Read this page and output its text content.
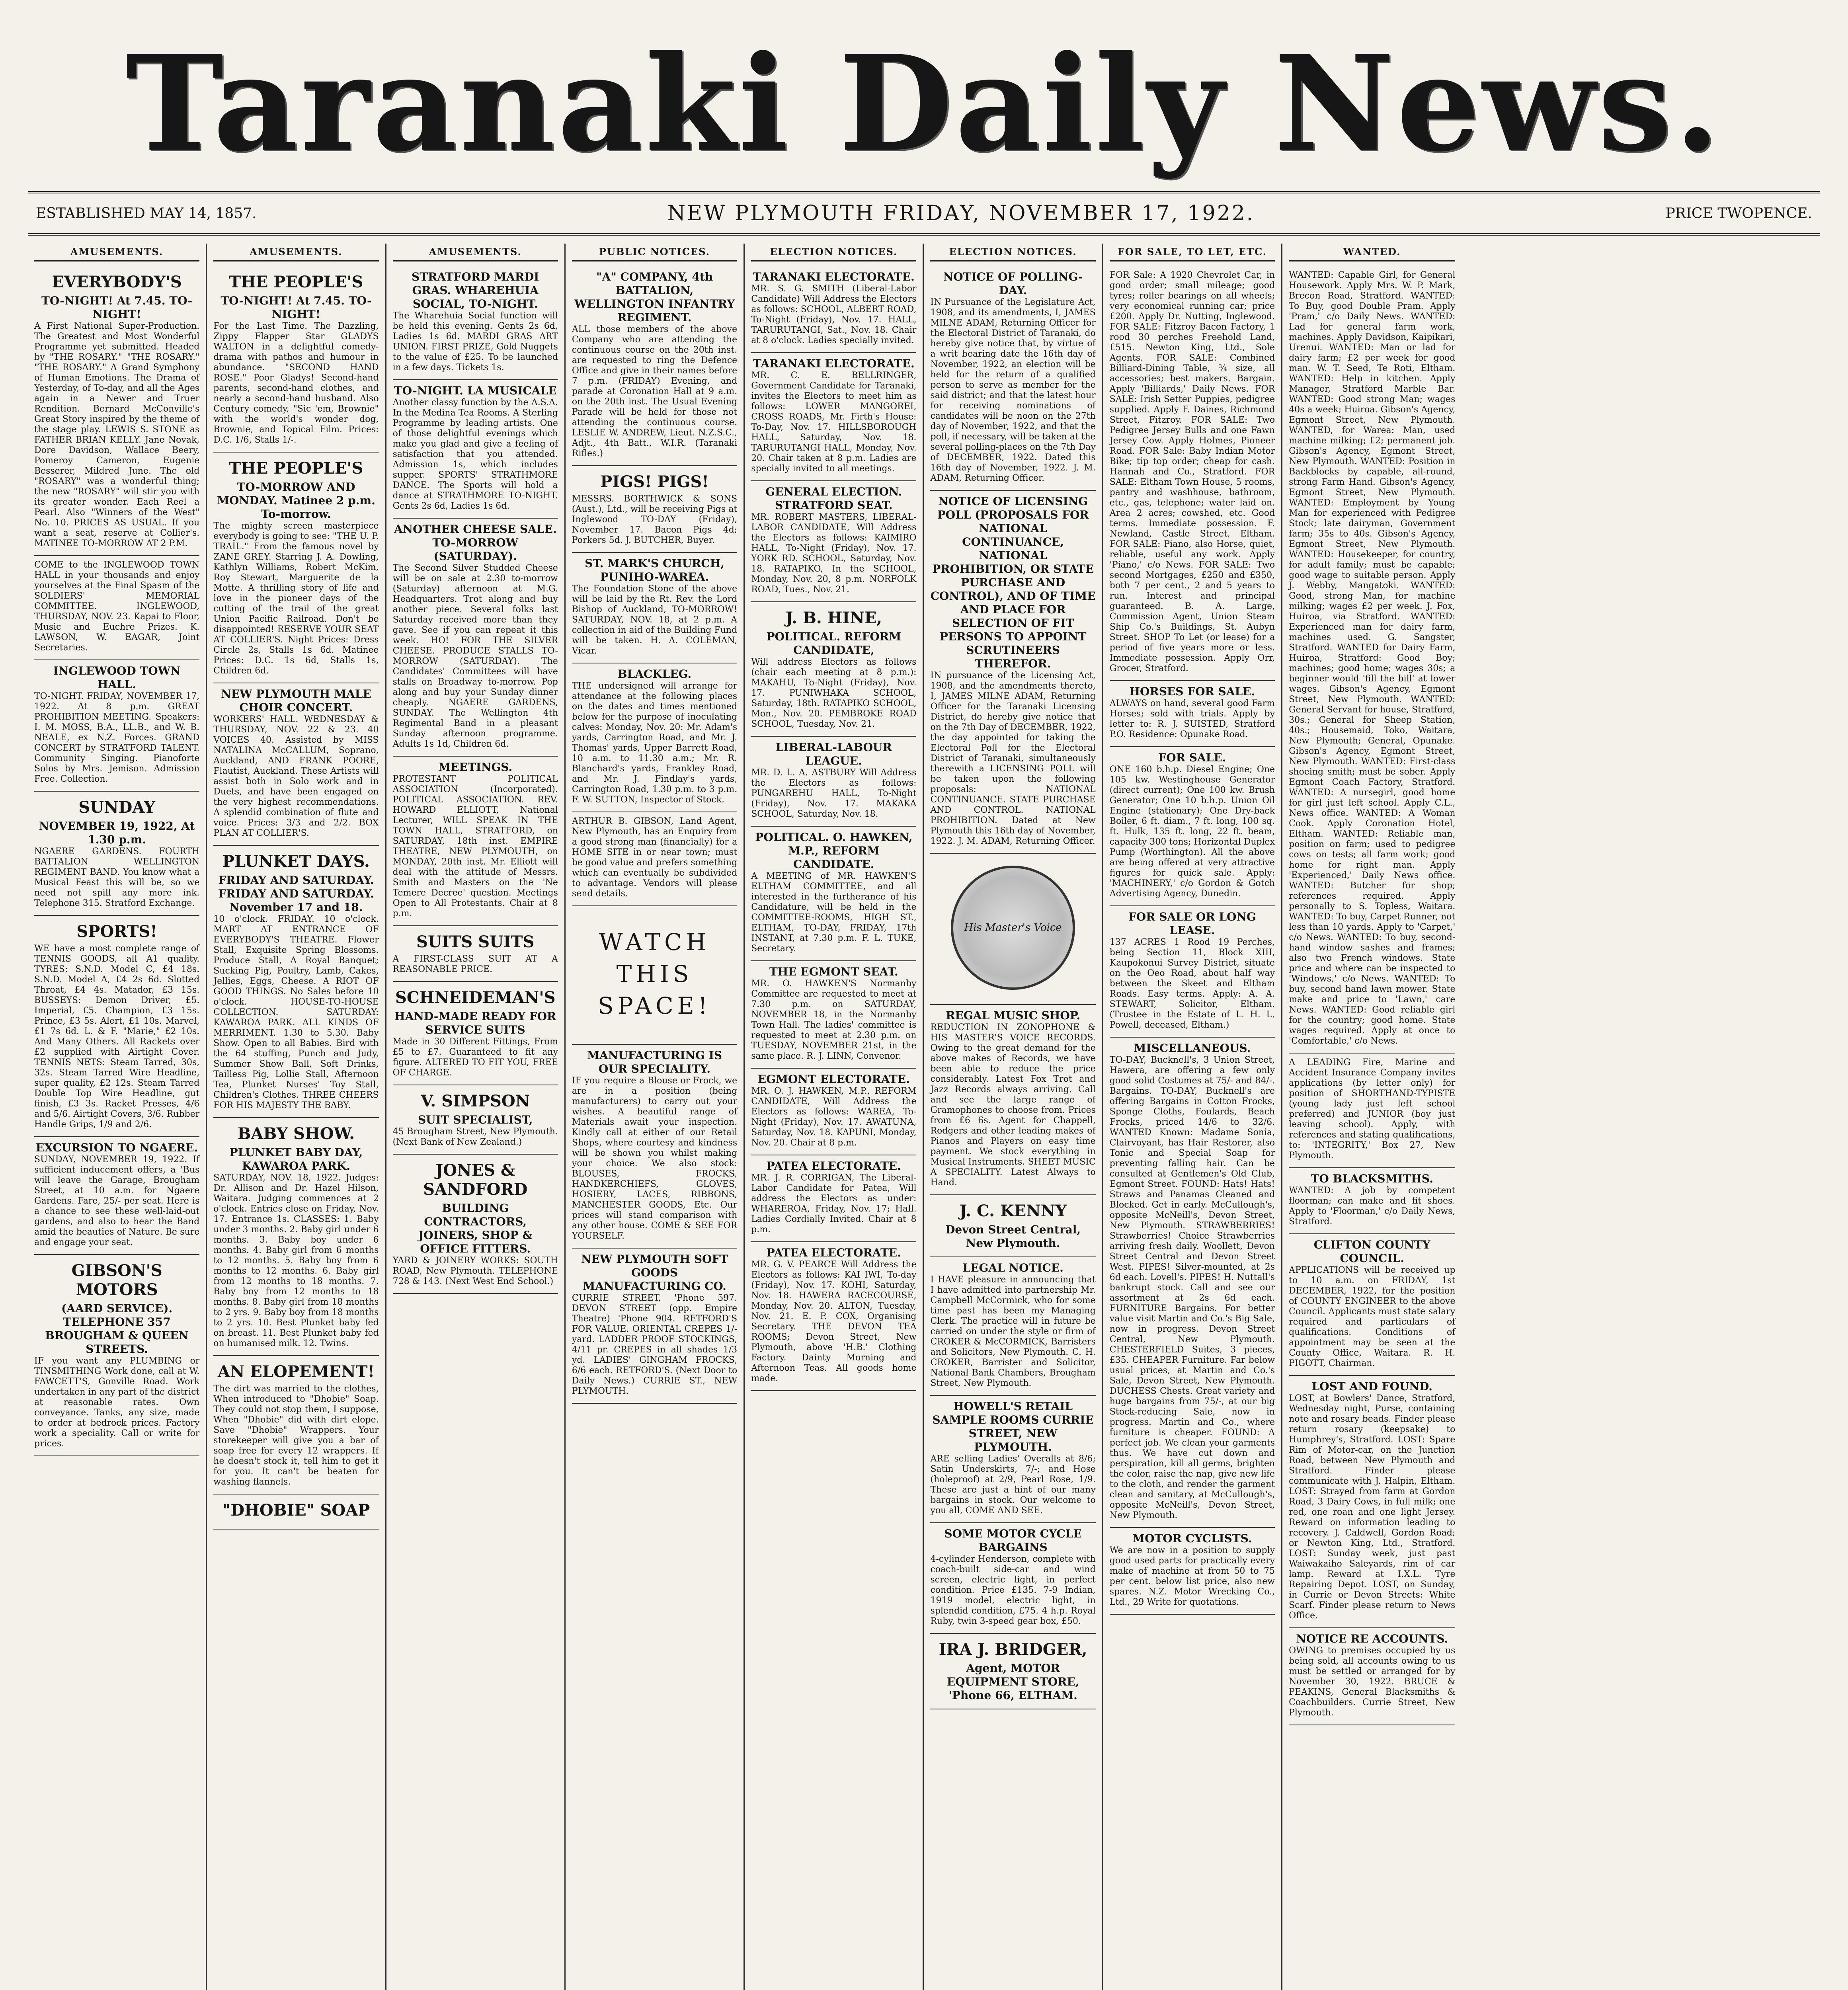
Taranaki Daily News.
ESTABLISHED MAY 14, 1857.	NEW PLYMOUTH FRIDAY, NOVEMBER 17, 1922.	PRICE TWOPENCE.
AMUSEMENTS.
EVERYBODY'S
TO-NIGHT! At 7.45. TO-NIGHT!
A First National Super-Production. The Greatest and Most Wonderful Programme yet submitted. Headed by "THE ROSARY." "THE ROSARY." "THE ROSARY." A Grand Symphony of Human Emotions. The Drama of Yesterday, of To-day, and all the Ages again in a Newer and Truer Rendition. Bernard McConville's Great Story inspired by the theme of the stage play. LEWIS S. STONE as FATHER BRIAN KELLY. Jane Novak, Dore Davidson, Wallace Beery, Pomeroy Cameron, Eugenie Besserer, Mildred June. The old "ROSARY" was a wonderful thing; the new "ROSARY" will stir you with its greater wonder. Each Reel a Pearl. Also "Winners of the West" No. 10. PRICES AS USUAL. If you want a seat, reserve at Collier's. MATINEE TO-MORROW AT 2 P.M.
COME to the INGLEWOOD TOWN HALL in your thousands and enjoy yourselves at the Final Spasm of the SOLDIERS' MEMORIAL COMMITTEE. INGLEWOOD, THURSDAY, NOV. 23. Kapai to Floor, Music and Euchre Prizes. K. LAWSON, W. EAGAR, Joint Secretaries.
INGLEWOOD TOWN HALL.
TO-NIGHT. FRIDAY, NOVEMBER 17, 1922. At 8 p.m. GREAT PROHIBITION MEETING. Speakers: I. M. MOSS, B.A., LL.B., and W. B. NEALE, ex N.Z. Forces. GRAND CONCERT by STRATFORD TALENT. Community Singing. Pianoforte Solos by Mrs. Jemison. Admission Free. Collection.
SUNDAY
NOVEMBER 19, 1922, At 1.30 p.m.
NGAERE GARDENS. FOURTH BATTALION WELLINGTON REGIMENT BAND. You know what a Musical Feast this will be, so we need not spill any more ink. Telephone 315. Stratford Exchange.
SPORTS!
WE have a most complete range of TENNIS GOODS, all A1 quality. TYRES: S.N.D. Model C, £4 18s. S.N.D. Model A, £4 2s 6d. Slotted Throat, £4 4s. Matador, £3 15s. BUSSEYS: Demon Driver, £5. Imperial, £5. Champion, £3 15s. Prince, £3 5s. Alert, £1 10s. Marvel, £1 7s 6d. L. & F. "Marie," £2 10s. And Many Others. All Rackets over £2 supplied with Airtight Cover. TENNIS NETS: Steam Tarred, 30s, 32s. Steam Tarred Wire Headline, super quality, £2 12s. Steam Tarred Double Top Wire Headline, gut finish, £3 3s. Racket Presses, 4/6 and 5/6. Airtight Covers, 3/6. Rubber Handle Grips, 1/9 and 2/6.
EXCURSION TO NGAERE.
SUNDAY, NOVEMBER 19, 1922. If sufficient inducement offers, a 'Bus will leave the Garage, Brougham Street, at 10 a.m. for Ngaere Gardens. Fare, 25/- per seat. Here is a chance to see these well-laid-out gardens, and also to hear the Band amid the beauties of Nature. Be sure and engage your seat.
GIBSON'S MOTORS
(AARD SERVICE). TELEPHONE 357 BROUGHAM & QUEEN STREETS.
IF you want any PLUMBING or TINSMITHING Work done, call at W. FAWCETT'S, Gonville Road. Work undertaken in any part of the district at reasonable rates. Own conveyance. Tanks, any size, made to order at bedrock prices. Factory work a speciality. Call or write for prices.
AMUSEMENTS.
THE PEOPLE'S
TO-NIGHT! At 7.45. TO-NIGHT!
For the Last Time. The Dazzling, Zippy Flapper Star GLADYS WALTON in a delightful comedy-drama with pathos and humour in abundance. "SECOND HAND ROSE." Poor Gladys! Second-hand parents, second-hand clothes, and nearly a second-hand husband. Also Century comedy, "Sic 'em, Brownie" with the world's wonder dog, Brownie, and Topical Film. Prices: D.C. 1/6, Stalls 1/-.
THE PEOPLE'S
TO-MORROW AND MONDAY. Matinee 2 p.m. To-morrow.
The mighty screen masterpiece everybody is going to see: "THE U. P. TRAIL." From the famous novel by ZANE GREY. Starring J. A. Dowling, Kathlyn Williams, Robert McKim, Roy Stewart, Marguerite de la Motte. A thrilling story of life and love in the pioneer days of the cutting of the trail of the great Union Pacific Railroad. Don't be disappointed! RESERVE YOUR SEAT AT COLLIER'S. Night Prices: Dress Circle 2s, Stalls 1s 6d. Matinee Prices: D.C. 1s 6d, Stalls 1s, Children 6d.
NEW PLYMOUTH MALE CHOIR CONCERT.
WORKERS' HALL. WEDNESDAY & THURSDAY, NOV. 22 & 23. 40 VOICES 40. Assisted by MISS NATALINA McCALLUM, Soprano, Auckland, AND FRANK POORE, Flautist, Auckland. These Artists will assist both in Solo work and in Duets, and have been engaged on the very highest recommendations. A splendid combination of flute and voice. Prices: 3/3 and 2/2. BOX PLAN AT COLLIER'S.
PLUNKET DAYS.
FRIDAY AND SATURDAY. FRIDAY AND SATURDAY. November 17 and 18.
10 o'clock. FRIDAY. 10 o'clock. MART AT ENTRANCE OF EVERYBODY'S THEATRE. Flower Stall, Exquisite Spring Blossoms. Produce Stall, A Royal Banquet; Sucking Pig, Poultry, Lamb, Cakes, Jellies, Eggs, Cheese. A RIOT OF GOOD THINGS. No Sales before 10 o'clock. HOUSE-TO-HOUSE COLLECTION. SATURDAY: KAWAROA PARK. ALL KINDS OF MERRIMENT. 1.30 to 5.30. Baby Show. Open to all Babies. Bird with the 64 stuffing, Punch and Judy, Summer Show Ball, Soft Drinks, Tailless Pig, Lollie Stall, Afternoon Tea, Plunket Nurses' Toy Stall, Children's Clothes. THREE CHEERS FOR HIS MAJESTY THE BABY.
BABY SHOW.
PLUNKET BABY DAY, KAWAROA PARK.
SATURDAY, NOV. 18, 1922. Judges: Dr. Allison and Dr. Hazel Hilson, Waitara. Judging commences at 2 o'clock. Entries close on Friday, Nov. 17. Entrance 1s. CLASSES: 1. Baby under 3 months. 2. Baby girl under 6 months. 3. Baby boy under 6 months. 4. Baby girl from 6 months to 12 months. 5. Baby boy from 6 months to 12 months. 6. Baby girl from 12 months to 18 months. 7. Baby boy from 12 months to 18 months. 8. Baby girl from 18 months to 2 yrs. 9. Baby boy from 18 months to 2 yrs. 10. Best Plunket baby fed on breast. 11. Best Plunket baby fed on humanised milk. 12. Twins.
AN ELOPEMENT!
The dirt was married to the clothes, When introduced to "Dhobie" Soap. They could not stop them, I suppose, When "Dhobie" did with dirt elope. Save "Dhobie" Wrappers. Your storekeeper will give you a bar of soap free for every 12 wrappers. If he doesn't stock it, tell him to get it for you. It can't be beaten for washing flannels.
"DHOBIE" SOAP
AMUSEMENTS.
STRATFORD MARDI GRAS. WHAREHUIA SOCIAL, TO-NIGHT.
The Wharehuia Social function will be held this evening. Gents 2s 6d, Ladies 1s 6d. MARDI GRAS ART UNION. FIRST PRIZE, Gold Nuggets to the value of £25. To be launched in a few days. Tickets 1s.
TO-NIGHT. LA MUSICALE
Another classy function by the A.S.A. In the Medina Tea Rooms. A Sterling Programme by leading artists. One of those delightful evenings which make you glad and give a feeling of satisfaction that you attended. Admission 1s, which includes supper. SPORTS' STRATHMORE DANCE. The Sports will hold a dance at STRATHMORE TO-NIGHT. Gents 2s 6d, Ladies 1s 6d.
ANOTHER CHEESE SALE. TO-MORROW (SATURDAY).
The Second Silver Studded Cheese will be on sale at 2.30 to-morrow (Saturday) afternoon at M.G. Headquarters. Trot along and buy another piece. Several folks last Saturday received more than they gave. See if you can repeat it this week. HO! FOR THE SILVER CHEESE. PRODUCE STALLS TO-MORROW (SATURDAY). The Candidates' Committees will have stalls on Broadway to-morrow. Pop along and buy your Sunday dinner cheaply. NGAERE GARDENS, SUNDAY. The Wellington 4th Regimental Band in a pleasant Sunday afternoon programme. Adults 1s 1d, Children 6d.
MEETINGS.
PROTESTANT POLITICAL ASSOCIATION (Incorporated). POLITICAL ASSOCIATION. REV. HOWARD ELLIOTT, National Lecturer, WILL SPEAK IN THE TOWN HALL, STRATFORD, on SATURDAY, 18th inst. EMPIRE THEATRE, NEW PLYMOUTH, on MONDAY, 20th inst. Mr. Elliott will deal with the attitude of Messrs. Smith and Masters on the 'Ne Temere Decree' question. Meetings Open to All Protestants. Chair at 8 p.m.
SUITS SUITS
A FIRST-CLASS SUIT AT A REASONABLE PRICE.
SCHNEIDEMAN'S
HAND-MADE READY FOR SERVICE SUITS
Made in 30 Different Fittings, From £5 to £7. Guaranteed to fit any figure. ALTERED TO FIT YOU, FREE OF CHARGE.
V. SIMPSON
SUIT SPECIALIST,
45 Brougham Street, New Plymouth. (Next Bank of New Zealand.)
JONES & SANDFORD
BUILDING CONTRACTORS, JOINERS, SHOP & OFFICE FITTERS.
YARD & JOINERY WORKS: SOUTH ROAD, New Plymouth. TELEPHONE 728 & 143. (Next West End School.)
PUBLIC NOTICES.
"A" COMPANY, 4th BATTALION, WELLINGTON INFANTRY REGIMENT.
ALL those members of the above Company who are attending the continuous course on the 20th inst. are requested to ring the Defence Office and give in their names before 7 p.m. (FRIDAY) Evening, and parade at Coronation Hall at 9 a.m. on the 20th inst. The Usual Evening Parade will be held for those not attending the continuous course. LESLIE W. ANDREW, Lieut. N.Z.S.C., Adjt., 4th Batt., W.I.R. (Taranaki Rifles.)
PIGS! PIGS!
MESSRS. BORTHWICK & SONS (Aust.), Ltd., will be receiving Pigs at Inglewood TO-DAY (Friday), November 17. Bacon Pigs 4d; Porkers 5d. J. BUTCHER, Buyer.
ST. MARK'S CHURCH, PUNIHO-WAREA.
The Foundation Stone of the above will be laid by the Rt. Rev. the Lord Bishop of Auckland, TO-MORROW! SATURDAY, NOV. 18, at 2 p.m. A collection in aid of the Building Fund will be taken. H. A. COLEMAN, Vicar.
BLACKLEG.
THE undersigned will arrange for attendance at the following places on the dates and times mentioned below for the purpose of inoculating calves: Monday, Nov. 20: Mr. Adam's yards, Carrington Road, and Mr. J. Thomas' yards, Upper Barrett Road, 10 a.m. to 11.30 a.m.; Mr. R. Blanchard's yards, Frankley Road, and Mr. J. Findlay's yards, Carrington Road, 1.30 p.m. to 3 p.m. F. W. SUTTON, Inspector of Stock.
ARTHUR B. GIBSON, Land Agent, New Plymouth, has an Enquiry from a good strong man (financially) for a HOME SITE in or near town; must be good value and prefers something which can eventually be subdivided to advantage. Vendors will please send details.
WATCH THIS SPACE!
MANUFACTURING IS OUR SPECIALITY.
IF you require a Blouse or Frock, we are in a position (being manufacturers) to carry out your wishes. A beautiful range of Materials await your inspection. Kindly call at either of our Retail Shops, where courtesy and kindness will be shown you whilst making your choice. We also stock: BLOUSES, FROCKS, HANDKERCHIEFS, GLOVES, HOSIERY, LACES, RIBBONS, MANCHESTER GOODS, Etc. Our prices will stand comparison with any other house. COME & SEE FOR YOURSELF.
NEW PLYMOUTH SOFT GOODS MANUFACTURING CO.
CURRIE STREET, 'Phone 597. DEVON STREET (opp. Empire Theatre) 'Phone 904. RETFORD'S FOR VALUE. ORIENTAL CREPES 1/- yard. LADDER PROOF STOCKINGS, 4/11 pr. CREPES in all shades 1/3 yd. LADIES' GINGHAM FROCKS, 6/6 each. RETFORD'S. (Next Door to Daily News.) CURRIE ST., NEW PLYMOUTH.
ELECTION NOTICES.
TARANAKI ELECTORATE.
MR. S. G. SMITH (Liberal-Labor Candidate) Will Address the Electors as follows: SCHOOL, ALBERT ROAD, To-Night (Friday), Nov. 17. HALL, TARURUTANGI, Sat., Nov. 18. Chair at 8 o'clock. Ladies specially invited.
TARANAKI ELECTORATE.
MR. C. E. BELLRINGER, Government Candidate for Taranaki, invites the Electors to meet him as follows: LOWER MANGOREI, CROSS ROADS, Mr. Firth's House: To-Day, Nov. 17. HILLSBOROUGH HALL, Saturday, Nov. 18. TARURUTANGI HALL, Monday, Nov. 20. Chair taken at 8 p.m. Ladies are specially invited to all meetings.
GENERAL ELECTION. STRATFORD SEAT.
MR. ROBERT MASTERS, LIBERAL-LABOR CANDIDATE, Will Address the Electors as follows: KAIMIRO HALL, To-Night (Friday), Nov. 17. YORK RD. SCHOOL, Saturday, Nov. 18. RATAPIKO, In the SCHOOL, Monday, Nov. 20, 8 p.m. NORFOLK ROAD, Tues., Nov. 21.
J. B. HINE,
POLITICAL. REFORM CANDIDATE,
Will address Electors as follows (chair each meeting at 8 p.m.): MAKAHU, To-Night (Friday), Nov. 17. PUNIWHAKA SCHOOL, Saturday, 18th. RATAPIKO SCHOOL, Mon., Nov. 20. PEMBROKE ROAD SCHOOL, Tuesday, Nov. 21.
LIBERAL-LABOUR LEAGUE.
MR. D. L. A. ASTBURY Will Address the Electors as follows: PUNGAREHU HALL, To-Night (Friday), Nov. 17. MAKAKA SCHOOL, Saturday, Nov. 18.
POLITICAL. O. HAWKEN, M.P., REFORM CANDIDATE.
A MEETING of MR. HAWKEN'S ELTHAM COMMITTEE, and all interested in the furtherance of his Candidature, will be held in the COMMITTEE-ROOMS, HIGH ST., ELTHAM, TO-DAY, FRIDAY, 17th INSTANT, at 7.30 p.m. F. L. TUKE, Secretary.
THE EGMONT SEAT.
MR. O. HAWKEN'S Normanby Committee are requested to meet at 7.30 p.m. on SATURDAY, NOVEMBER 18, in the Normanby Town Hall. The ladies' committee is requested to meet at 2.30 p.m. on TUESDAY, NOVEMBER 21st, in the same place. R. J. LINN, Convenor.
EGMONT ELECTORATE.
MR. O. J. HAWKEN, M.P., REFORM CANDIDATE, Will Address the Electors as follows: WAREA, To-Night (Friday), Nov. 17. AWATUNA, Saturday, Nov. 18. KAPUNI, Monday, Nov. 20. Chair at 8 p.m.
PATEA ELECTORATE.
MR. J. R. CORRIGAN, The Liberal-Labor Candidate for Patea, Will address the Electors as under: WHAREROA, Friday, Nov. 17; Hall. Ladies Cordially Invited. Chair at 8 p.m.
PATEA ELECTORATE.
MR. G. V. PEARCE Will Address the Electors as follows: KAI IWI, To-day (Friday), Nov. 17. KOHI, Saturday, Nov. 18. HAWERA RACECOURSE, Monday, Nov. 20. ALTON, Tuesday, Nov. 21. E. P. COX, Organising Secretary. THE DEVON TEA ROOMS; Devon Street, New Plymouth, above 'H.B.' Clothing Factory. Dainty Morning and Afternoon Teas. All goods home made.
ELECTION NOTICES.
NOTICE OF POLLING-DAY.
IN Pursuance of the Legislature Act, 1908, and its amendments, I, JAMES MILNE ADAM, Returning Officer for the Electoral District of Taranaki, do hereby give notice that, by virtue of a writ bearing date the 16th day of November, 1922, an election will be held for the return of a qualified person to serve as member for the said district; and that the latest hour for receiving nominations of candidates will be noon on the 27th day of November, 1922, and that the poll, if necessary, will be taken at the several polling-places on the 7th Day of DECEMBER, 1922. Dated this 16th day of November, 1922. J. M. ADAM, Returning Officer.
NOTICE OF LICENSING POLL (PROPOSALS FOR NATIONAL CONTINUANCE, NATIONAL PROHIBITION, OR STATE PURCHASE AND CONTROL), AND OF TIME AND PLACE FOR SELECTION OF FIT PERSONS TO APPOINT SCRUTINEERS THEREFOR.
IN pursuance of the Licensing Act, 1908, and the amendments thereto, I, JAMES MILNE ADAM, Returning Officer for the Taranaki Licensing District, do hereby give notice that on the 7th Day of DECEMBER, 1922, the day appointed for taking the Electoral Poll for the Electoral District of Taranaki, simultaneously therewith a LICENSING POLL will be taken upon the following proposals: NATIONAL CONTINUANCE. STATE PURCHASE AND CONTROL. NATIONAL PROHIBITION. Dated at New Plymouth this 16th day of November, 1922. J. M. ADAM, Returning Officer.
His Master's Voice
REGAL MUSIC SHOP.
REDUCTION IN ZONOPHONE & HIS MASTER'S VOICE RECORDS. Owing to the great demand for the above makes of Records, we have been able to reduce the price considerably. Latest Fox Trot and Jazz Records always arriving. Call and see the large range of Gramophones to choose from. Prices from £6 6s. Agent for Chappell, Rodgers and other leading makes of Pianos and Players on easy time payment. We stock everything in Musical Instruments. SHEET MUSIC A SPECIALITY. Latest Always to Hand.
J. C. KENNY
Devon Street Central, New Plymouth.
LEGAL NOTICE.
I HAVE pleasure in announcing that I have admitted into partnership Mr. Campbell McCormick, who for some time past has been my Managing Clerk. The practice will in future be carried on under the style or firm of CROKER & McCORMICK, Barristers and Solicitors, New Plymouth. C. H. CROKER, Barrister and Solicitor, National Bank Chambers, Brougham Street, New Plymouth.
HOWELL'S RETAIL SAMPLE ROOMS CURRIE STREET, NEW PLYMOUTH.
ARE selling Ladies' Overalls at 8/6; Satin Underskirts, 7/-; and Hose (holeproof) at 2/9, Pearl Rose, 1/9. These are just a hint of our many bargains in stock. Our welcome to you all, COME AND SEE.
SOME MOTOR CYCLE BARGAINS
4-cylinder Henderson, complete with coach-built side-car and wind screen, electric light, in perfect condition. Price £135. 7-9 Indian, 1919 model, electric light, in splendid condition, £75. 4 h.p. Royal Ruby, twin 3-speed gear box, £50.
IRA J. BRIDGER,
Agent, MOTOR EQUIPMENT STORE, 'Phone 66, ELTHAM.
FOR SALE, TO LET, ETC.
FOR Sale: A 1920 Chevrolet Car, in good order; small mileage; good tyres; roller bearings on all wheels; very economical running car; price £200. Apply Dr. Nutting, Inglewood. FOR SALE: Fitzroy Bacon Factory, 1 rood 30 perches Freehold Land, £515. Newton King, Ltd., Sole Agents. FOR SALE: Combined Billiard-Dining Table, ¾ size, all accessories; best makers. Bargain. Apply 'Billiards,' Daily News. FOR SALE: Irish Setter Puppies, pedigree supplied. Apply F. Daines, Richmond Street, Fitzroy. FOR SALE: Two Pedigree Jersey Bulls and one Fawn Jersey Cow. Apply Holmes, Pioneer Road. FOR Sale: Baby Indian Motor Bike; tip top order; cheap for cash. Hannah and Co., Stratford. FOR SALE: Eltham Town House, 5 rooms, pantry and washhouse, bathroom, etc., gas, telephone; water laid on. Area 2 acres; cowshed, etc. Good terms. Immediate possession. F. Newland, Castle Street, Eltham. FOR SALE: Piano, also Horse, quiet, reliable, useful any work. Apply 'Piano,' c/o News. FOR SALE: Two second Mortgages, £250 and £350, both 7 per cent., 2 and 5 years to run. Interest and principal guaranteed. B. A. Large, Commission Agent, Union Steam Ship Co.'s Buildings, St. Aubyn Street. SHOP To Let (or lease) for a period of five years more or less. Immediate possession. Apply Orr, Grocer, Stratford.
HORSES FOR SALE.
ALWAYS on hand, several good Farm Horses; sold with trials. Apply by letter to: R. J. SUISTED, Stratford P.O. Residence: Opunake Road.
FOR SALE.
ONE 160 b.h.p. Diesel Engine; One 105 kw. Westinghouse Generator (direct current); One 100 kw. Brush Generator; One 10 b.h.p. Union Oil Engine (stationary); One Dry-back Boiler, 6 ft. diam., 7 ft. long, 100 sq. ft. Hulk, 135 ft. long, 22 ft. beam, capacity 300 tons; Horizontal Duplex Pump (Worthington). All the above are being offered at very attractive figures for quick sale. Apply: 'MACHINERY,' c/o Gordon & Gotch Advertising Agency, Dunedin.
FOR SALE OR LONG LEASE.
137 ACRES 1 Rood 19 Perches, being Section 11, Block XIII, Kaupokonui Survey District, situate on the Oeo Road, about half way between the Skeet and Eltham Roads. Easy terms. Apply: A. A. STEWART, Solicitor, Eltham. (Trustee in the Estate of L. H. L. Powell, deceased, Eltham.)
MISCELLANEOUS.
TO-DAY, Bucknell's, 3 Union Street, Hawera, are offering a few only good solid Costumes at 75/- and 84/-. Bargains. TO-DAY, Bucknell's are offering Bargains in Cotton Frocks, Sponge Cloths, Foulards, Beach Frocks, priced 14/6 to 32/6. WANTED Known: Madame Sonia, Clairvoyant, has Hair Restorer, also Tonic and Special Soap for preventing falling hair. Can be consulted at Gentlemen's Old Club, Egmont Street. FOUND: Hats! Hats! Straws and Panamas Cleaned and Blocked. Get in early. McCullough's, opposite McNeill's, Devon Street, New Plymouth. STRAWBERRIES! Strawberries! Choice Strawberries arriving fresh daily. Woollett, Devon Street Central and Devon Street West. PIPES! Silver-mounted, at 2s 6d each. Lovell's. PIPES! H. Nuttall's bankrupt stock. Call and see our assortment at 2s 6d each. FURNITURE Bargains. For better value visit Martin and Co.'s Big Sale, now in progress. Devon Street Central, New Plymouth. CHESTERFIELD Suites, 3 pieces, £35. CHEAPER Furniture. Far below usual prices, at Martin and Co.'s Sale, Devon Street, New Plymouth. DUCHESS Chests. Great variety and huge bargains from 75/-, at our big Stock-reducing Sale, now in progress. Martin and Co., where furniture is cheaper. FOUND: A perfect job. We clean your garments thus. We have cut down and perspiration, kill all germs, brighten the color, raise the nap, give new life to the cloth, and render the garment clean and sanitary, at McCullough's, opposite McNeill's, Devon Street, New Plymouth.
MOTOR CYCLISTS.
We are now in a position to supply good used parts for practically every make of machine at from 50 to 75 per cent. below list price, also new spares. N.Z. Motor Wrecking Co., Ltd., 29 Write for quotations.
WANTED.
WANTED: Capable Girl, for General Housework. Apply Mrs. W. P. Mark, Brecon Road, Stratford. WANTED: To Buy, good Double Pram. Apply 'Pram,' c/o Daily News. WANTED: Lad for general farm work, machines. Apply Davidson, Kaipikari, Urenui. WANTED: Man or lad for dairy farm; £2 per week for good man. W. T. Seed, Te Roti, Eltham. WANTED: Help in kitchen. Apply Manager, Stratford Marble Bar. WANTED: Good strong Man; wages 40s a week; Huiroa. Gibson's Agency, Egmont Street, New Plymouth. WANTED, for Warea: Man, used machine milking; £2; permanent job. Gibson's Agency, Egmont Street, New Plymouth. WANTED: Position in Backblocks by capable, all-round, strong Farm Hand. Gibson's Agency, Egmont Street, New Plymouth. WANTED: Employment by Young Man for experienced with Pedigree Stock; late dairyman, Government farm; 35s to 40s. Gibson's Agency, Egmont Street, New Plymouth. WANTED: Housekeeper, for country, for adult family; must be capable; good wage to suitable person. Apply J. Webby, Mangatoki. WANTED: Good, strong Man, for machine milking; wages £2 per week. J. Fox, Huiroa, via Stratford. WANTED: Experienced man for dairy farm, machines used. G. Sangster, Stratford. WANTED for Dairy Farm, Huiroa, Stratford: Good Boy; machines; good home; wages 30s; a beginner would 'fill the bill' at lower wages. Gibson's Agency, Egmont Street, New Plymouth. WANTED: General Servant for house, Stratford, 30s.; General for Sheep Station, 40s.; Housemaid, Toko, Waitara, New Plymouth; General, Opunake. Gibson's Agency, Egmont Street, New Plymouth. WANTED: First-class shoeing smith; must be sober. Apply Egmont Coach Factory, Stratford. WANTED: A nursegirl, good home for girl just left school. Apply C.L., News office. WANTED: A Woman Cook. Apply Coronation Hotel, Eltham. WANTED: Reliable man, position on farm; used to pedigree cows on tests; all farm work; good home for right man. Apply 'Experienced,' Daily News office. WANTED: Butcher for shop; references required. Apply personally to S. Topless, Waitara. WANTED: To buy, Carpet Runner, not less than 10 yards. Apply to 'Carpet,' c/o News. WANTED: To buy, second-hand window sashes and frames; also two French windows. State price and where can be inspected to 'Windows,' c/o News. WANTED: To buy, second hand lawn mower. State make and price to 'Lawn,' care News. WANTED: Good reliable girl for the country; good home. State wages required. Apply at once to 'Comfortable,' c/o News.
A LEADING Fire, Marine and Accident Insurance Company invites applications (by letter only) for position of SHORTHAND-TYPISTE (young lady just left school preferred) and JUNIOR (boy just leaving school). Apply, with references and stating qualifications, to: 'INTEGRITY,' Box 27, New Plymouth.
TO BLACKSMITHS.
WANTED: A job by competent floorman; can make and fit shoes. Apply to 'Floorman,' c/o Daily News, Stratford.
CLIFTON COUNTY COUNCIL.
APPLICATIONS will be received up to 10 a.m. on FRIDAY, 1st DECEMBER, 1922, for the position of COUNTY ENGINEER to the above Council. Applicants must state salary required and particulars of qualifications. Conditions of appointment may be seen at the County Office, Waitara. R. H. PIGOTT, Chairman.
LOST AND FOUND.
LOST, at Bowlers' Dance, Stratford, Wednesday night, Purse, containing note and rosary beads. Finder please return rosary (keepsake) to Humphrey's, Stratford. LOST: Spare Rim of Motor-car, on the Junction Road, between New Plymouth and Stratford. Finder please communicate with J. Halpin, Eltham. LOST: Strayed from farm at Gordon Road, 3 Dairy Cows, in full milk; one red, one roan and one light Jersey. Reward on information leading to recovery. J. Caldwell, Gordon Road; or Newton King, Ltd., Stratford. LOST: Sunday week, just past Waiwakaiho Saleyards, rim of car lamp. Reward at I.X.L. Tyre Repairing Depot. LOST, on Sunday, in Currie or Devon Streets: White Scarf. Finder please return to News Office.
NOTICE RE ACCOUNTS.
OWING to premises occupied by us being sold, all accounts owing to us must be settled or arranged for by November 30, 1922. BRUCE & PEAKINS, General Blacksmiths & Coachbuilders. Currie Street, New Plymouth.
